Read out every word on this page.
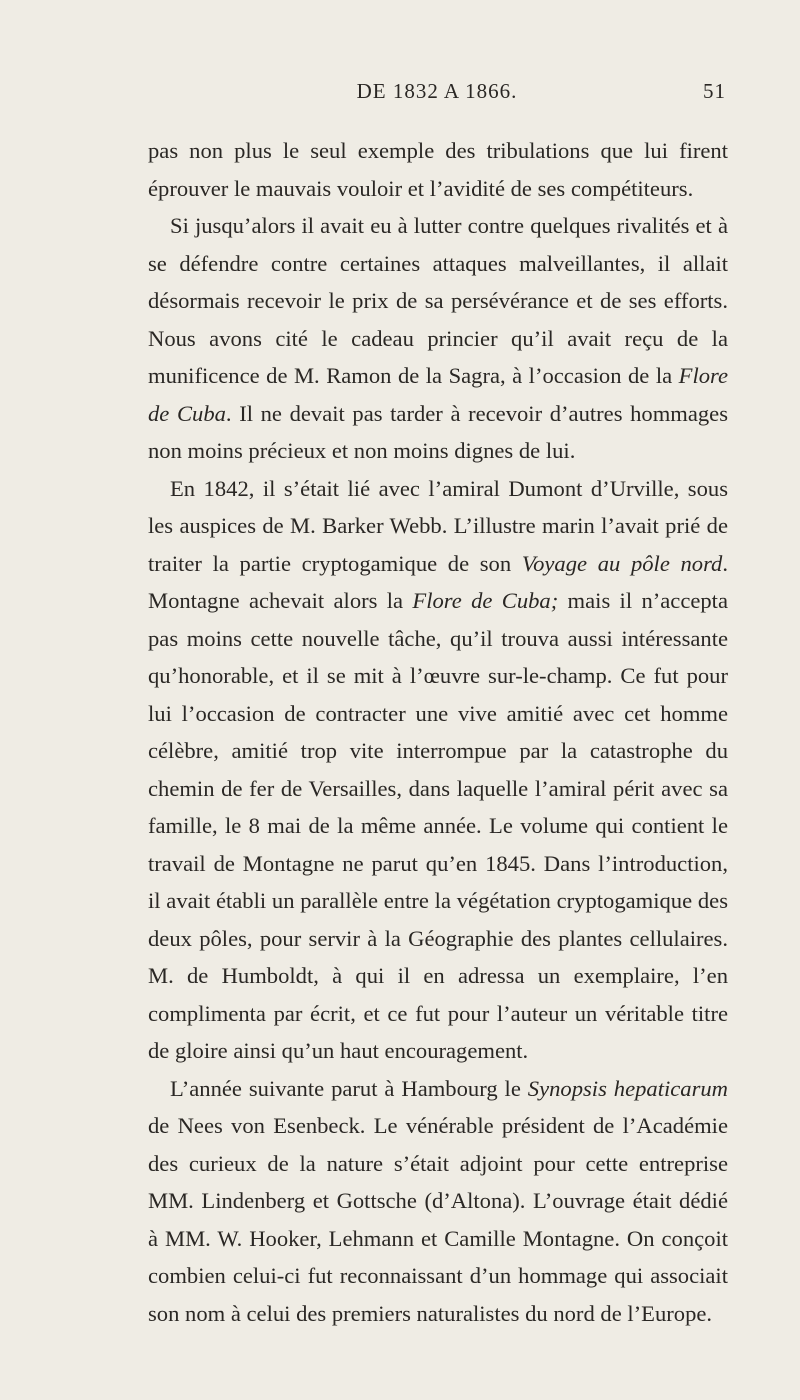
DE 1832 A 1866.	51

pas non plus le seul exemple des tribulations que lui firent éprouver le mauvais vouloir et l’avidité de ses compétiteurs.

Si jusqu’alors il avait eu à lutter contre quelques rivalités et à se défendre contre certaines attaques malveillantes, il allait désormais recevoir le prix de sa persévérance et de ses efforts. Nous avons cité le cadeau princier qu’il avait reçu de la munificence de M. Ramon de la Sagra, à l’occasion de la Flore de Cuba. Il ne devait pas tarder à recevoir d’autres hommages non moins précieux et non moins dignes de lui.

En 1842, il s’était lié avec l’amiral Dumont d’Urville, sous les auspices de M. Barker Webb. L’illustre marin l’avait prié de traiter la partie cryptogamique de son Voyage au pôle nord. Montagne achevait alors la Flore de Cuba; mais il n’accepta pas moins cette nouvelle tâche, qu’il trouva aussi intéressante qu’honorable, et il se mit à l’œuvre sur-le-champ. Ce fut pour lui l’occasion de contracter une vive amitié avec cet homme célèbre, amitié trop vite interrompue par la catastrophe du chemin de fer de Versailles, dans laquelle l’amiral périt avec sa famille, le 8 mai de la même année. Le volume qui contient le travail de Montagne ne parut qu’en 1845. Dans l’introduction, il avait établi un parallèle entre la végétation cryptogamique des deux pôles, pour servir à la Géographie des plantes cellulaires. M. de Humboldt, à qui il en adressa un exemplaire, l’en complimenta par écrit, et ce fut pour l’auteur un véritable titre de gloire ainsi qu’un haut encouragement.

L’année suivante parut à Hambourg le Synopsis hepaticarum de Nees von Esenbeck. Le vénérable président de l’Académie des curieux de la nature s’était adjoint pour cette entreprise MM. Lindenberg et Gottsche (d’Altona). L’ouvrage était dédié à MM. W. Hooker, Lehmann et Camille Montagne. On conçoit combien celui-ci fut reconnaissant d’un hommage qui associait son nom à celui des premiers naturalistes du nord de l’Europe.
